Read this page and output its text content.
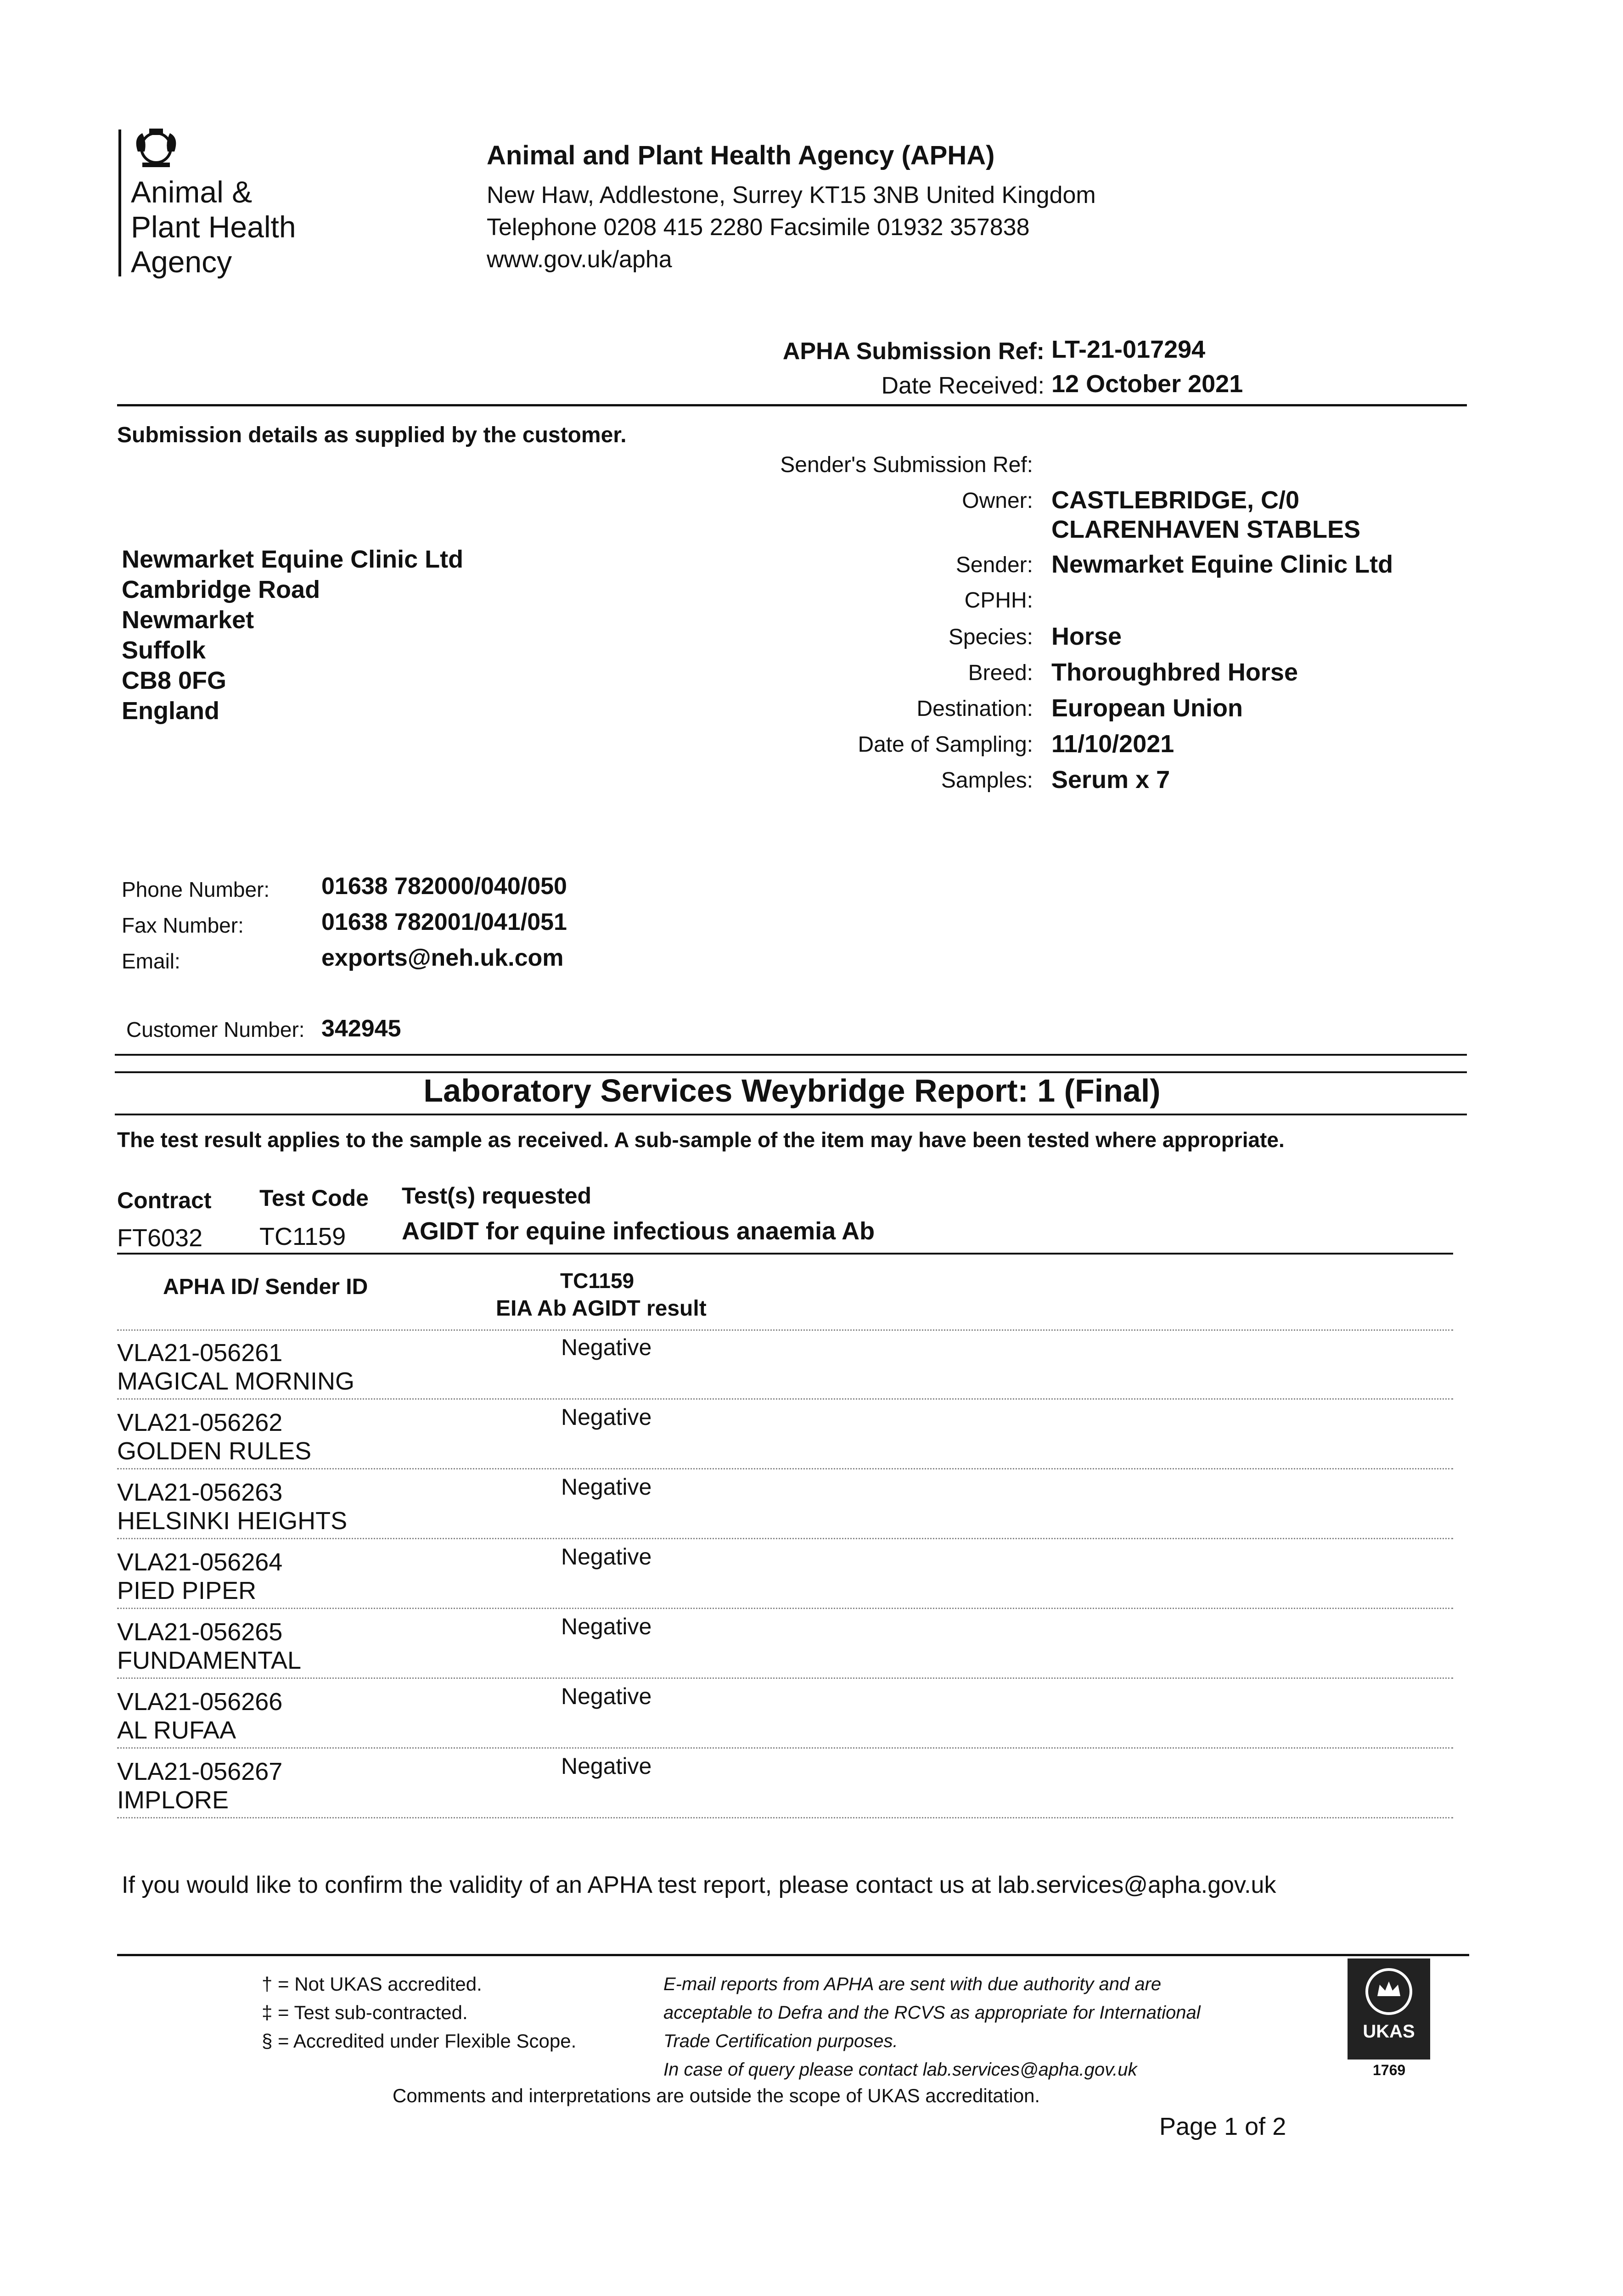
Animal & Plant Health Agency
Animal and Plant Health Agency (APHA)
New Haw, Addlestone, Surrey KT15 3NB United Kingdom
Telephone 0208 415 2280 Facsimile 01932 357838
www.gov.uk/apha
APHA Submission Ref: LT-21-017294
Date Received: 12 October 2021
Submission details as supplied by the customer.
Newmarket Equine Clinic Ltd
Cambridge Road
Newmarket
Suffolk
CB8 0FG
England
Sender's Submission Ref:
Owner: CASTLEBRIDGE, C/0
CLARENHAVEN STABLES
Sender: Newmarket Equine Clinic Ltd
CPHH:
Species: Horse
Breed: Thoroughbred Horse
Destination: European Union
Date of Sampling: 11/10/2021
Samples: Serum x 7
Phone Number: 01638 782000/040/050
Fax Number:	01638 782001/041/051
Email:	exports@neh.uk.com
Customer Number: 342945
Laboratory Services Weybridge Report: 1 (Final)
The test result applies to the sample as received. A sub-sample of the item may have been tested where appropriate.
Contract Test Code Test(s) requested
FT6032 TC1159 AGIDT for equine infectious anaemia Ab
APHA ID/ Sender ID	TC1159
EIA Ab AGIDT result
VLA21-056261
MAGICAL MORNING
Negative
VLA21-056262
GOLDEN RULES
Negative
VLA21-056263
HELSINKI HEIGHTS
Negative
VLA21-056264
PIED PIPER
Negative
VLA21-056265
FUNDAMENTAL
Negative
VLA21-056266
AL RUFAA
Negative
VLA21-056267
IMPLORE
Negative
If you would like to confirm the validity of an APHA test report, please contact us at lab.services@apha.gov.uk
† = Not UKAS accredited.
‡ = Test sub-contracted.
§ = Accredited under Flexible Scope.
E-mail reports from APHA are sent with due authority and are
acceptable to Defra and the RCVS as appropriate for International
Trade Certification purposes.
In case of query please contact lab.services@apha.gov.uk
UKAS
1769
Comments and interpretations are outside the scope of UKAS accreditation.
Page 1 of 2
